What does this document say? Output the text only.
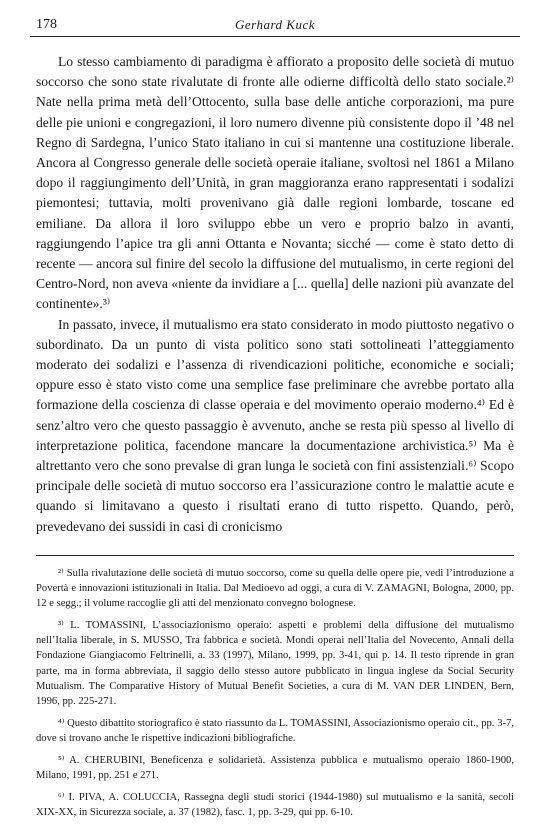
178	Gerhard Kuck

Lo stesso cambiamento di paradigma è affiorato a proposito delle società di mutuo soccorso che sono state rivalutate di fronte alle odierne difficoltà dello stato sociale.²⁾ Nate nella prima metà dell’Ottocento, sulla base delle antiche corporazioni, ma pure delle pie unioni e congregazioni, il loro numero divenne più consistente dopo il ’48 nel Regno di Sardegna, l’unico Stato italiano in cui si mantenne una costituzione liberale. Ancora al Congresso generale delle società operaie italiane, svoltosi nel 1861 a Milano dopo il raggiungimento dell’Unità, in gran maggioranza erano rappresentati i sodalizi piemontesi; tuttavia, molti provenivano già dalle regioni lombarde, toscane ed emiliane. Da allora il loro sviluppo ebbe un vero e proprio balzo in avanti, raggiungendo l’apice tra gli anni Ottanta e Novanta; sicché — come è stato detto di recente — ancora sul finire del secolo la diffusione del mutualismo, in certe regioni del Centro-Nord, non aveva «niente da invidiare a [... quella] delle nazioni più avanzate del continente».³⁾

In passato, invece, il mutualismo era stato considerato in modo piuttosto negativo o subordinato. Da un punto di vista politico sono stati sottolineati l’atteggiamento moderato dei sodalizi e l’assenza di rivendicazioni politiche, economiche e sociali; oppure esso è stato visto come una semplice fase preliminare che avrebbe portato alla formazione della coscienza di classe operaia e del movimento operaio moderno.⁴⁾ Ed è senz’altro vero che questo passaggio è avvenuto, anche se resta più spesso al livello di interpretazione politica, facendone mancare la documentazione archivistica.⁵⁾ Ma è altrettanto vero che sono prevalse di gran lunga le società con fini assistenziali.⁶⁾ Scopo principale delle società di mutuo soccorso era l’assicurazione contro le malattie acute e quando si limitavano a questo i risultati erano di tutto rispetto. Quando, però, prevedevano dei sussidi in casi di cronicismo

²⁾ Sulla rivalutazione delle società di mutuo soccorso, come su quella delle opere pie, vedi l’introduzione a Povertà e innovazioni istituzionali in Italia. Dal Medioevo ad oggi, a cura di V. ZAMAGNI, Bologna, 2000, pp. 12 e segg.; il volume raccoglie gli atti del menzionato convegno bolognese.

³⁾ L. TOMASSINI, L’associazionismo operaio: aspetti e problemi della diffusione del mutualismo nell’Italia liberale, in S. MUSSO, Tra fabbrica e società. Mondi operai nell’Italia del Novecento, Annali della Fondazione Giangiacomo Feltrinelli, a. 33 (1997), Milano, 1999, pp. 3-41, qui p. 14. Il testo riprende in gran parte, ma in forma abbreviata, il saggio dello stesso autore pubblicato in lingua inglese da Social Security Mutualism. The Comparative History of Mutual Benefit Societies, a cura di M. VAN DER LINDEN, Bern, 1996, pp. 225-271.

⁴⁾ Questo dibattito storiografico è stato riassunto da L. TOMASSINI, Associazionismo operaio cit., pp. 3-7, dove si trovano anche le rispettive indicazioni bibliografiche.

⁵⁾ A. CHERUBINI, Beneficenza e solidarietà. Assistenza pubblica e mutualismo operaio 1860-1900, Milano, 1991, pp. 251 e 271.

⁶⁾ I. PIVA, A. COLUCCIA, Rassegna degli studi storici (1944-1980) sul mutualismo e la sanità, secoli XIX-XX, in Sicurezza sociale, a. 37 (1982), fasc. 1, pp. 3-29, qui pp. 6-10.
